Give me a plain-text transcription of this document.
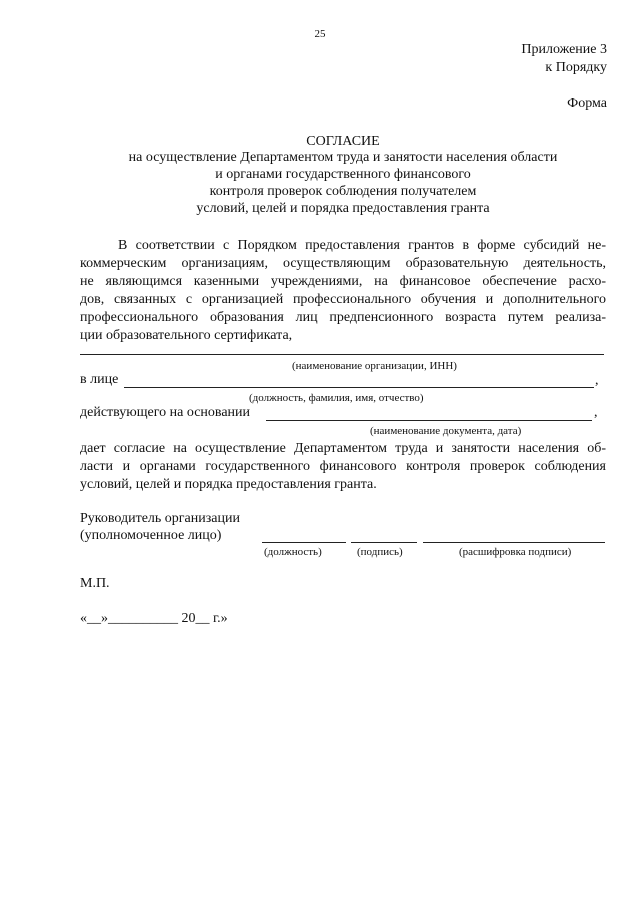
25
Приложение 3
к Порядку
Форма
СОГЛАСИЕ
на осуществление Департаментом труда и занятости населения области
и органами государственного финансового
контроля проверок соблюдения получателем
условий, целей и порядка предоставления гранта
В соответствии с Порядком предоставления грантов в форме субсидий не-
коммерческим организациям, осуществляющим образовательную деятельность,
не являющимся казенными учреждениями, на финансовое обеспечение расхо-
дов, связанных с организацией профессионального обучения и дополнительного
профессионального образования лиц предпенсионного возраста путем реализа-
ции образовательного сертификата,
(наименование организации, ИНН)
в лице	,
(должность, фамилия, имя, отчество)
действующего на основании	,
(наименование документа, дата)
дает согласие на осуществление Департаментом труда и занятости населения об-
ласти и органами государственного финансового контроля проверок соблюдения
условий, целей и порядка предоставления гранта.
Руководитель организации
(уполномоченное лицо)
(должность)	(подпись)	(расшифровка подписи)
М.П.
«__»__________ 20__ г.»
